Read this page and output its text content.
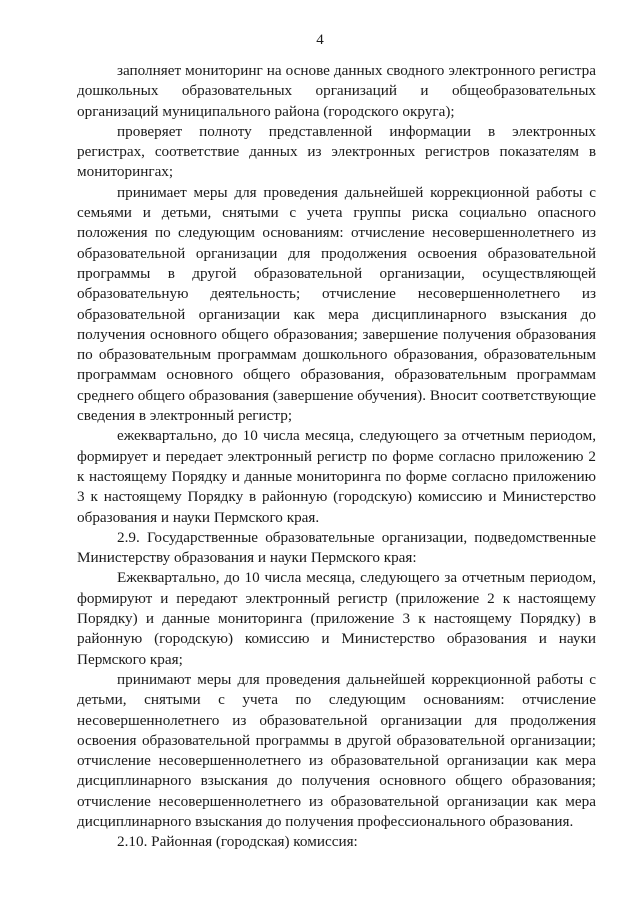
4

заполняет мониторинг на основе данных сводного электронного регистра дошкольных образовательных организаций и общеобразовательных организаций муниципального района (городского округа);

проверяет полноту представленной информации в электронных регистрах, соответствие данных из электронных регистров показателям в мониторингах;

принимает меры для проведения дальнейшей коррекционной работы с семьями и детьми, снятыми с учета группы риска социально опасного положения по следующим основаниям: отчисление несовершеннолетнего из образовательной организации для продолжения освоения образовательной программы в другой образовательной организации, осуществляющей образовательную деятельность; отчисление несовершеннолетнего из образовательной организации как мера дисциплинарного взыскания до получения основного общего образования; завершение получения образования по образовательным программам дошкольного образования, образовательным программам основного общего образования, образовательным программам среднего общего образования (завершение обучения). Вносит соответствующие сведения в электронный регистр;

ежеквартально, до 10 числа месяца, следующего за отчетным периодом, формирует и передает электронный регистр по форме согласно приложению 2 к настоящему Порядку и данные мониторинга по форме согласно приложению 3 к настоящему Порядку в районную (городскую) комиссию и Министерство образования и науки Пермского края.

2.9. Государственные образовательные организации, подведомственные Министерству образования и науки Пермского края:

Ежеквартально, до 10 числа месяца, следующего за отчетным периодом, формируют и передают электронный регистр (приложение 2 к настоящему Порядку) и данные мониторинга (приложение 3 к настоящему Порядку) в районную (городскую) комиссию и Министерство образования и науки Пермского края;

принимают меры для проведения дальнейшей коррекционной работы с детьми, снятыми с учета по следующим основаниям: отчисление несовершеннолетнего из образовательной организации для продолжения освоения образовательной программы в другой образовательной организации; отчисление несовершеннолетнего из образовательной организации как мера дисциплинарного взыскания до получения основного общего образования; отчисление несовершеннолетнего из образовательной организации как мера дисциплинарного взыскания до получения профессионального образования.

2.10. Районная (городская) комиссия:
